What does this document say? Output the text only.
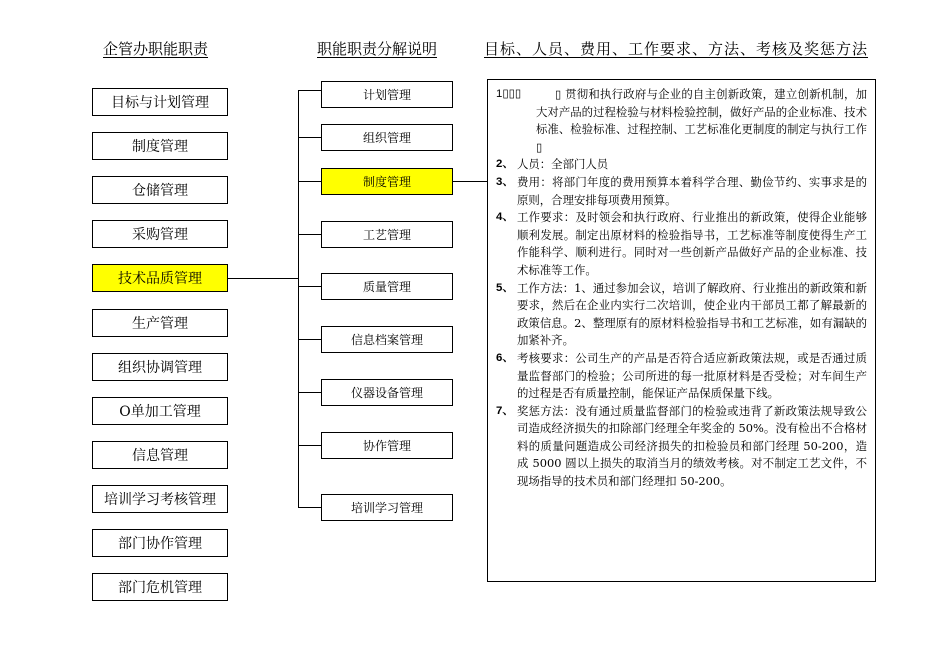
企管办职能职责	职能职责分解说明	目标、人员、费用、工作要求、方法、考核及奖惩方法
目标与计划管理
制度管理
仓储管理
采购管理
技术品质管理
生产管理
组织协调管理
O单加工管理
信息管理
培训学习考核管理
部门协作管理
部门危机管理
计划管理
组织管理
制度管理
工艺管理
质量管理
信息档案管理
仪器设备管理
协作管理
培训学习管理
1▯▯▯	▯ 贯彻和执行政府与企业的自主创新政策，建立创新机制，加大对产品的过程检验与材料检验控制，做好产品的企业标准、技术标准、检验标准、过程控制、工艺标准化更制度的制定与执行工作▯
2、 人员：全部门人员
3、 费用：将部门年度的费用预算本着科学合理、勤俭节约、实事求是的原则，合理安排每项费用预算。
4、 工作要求：及时领会和执行政府、行业推出的新政策，使得企业能够顺利发展。制定出原材料的检验指导书，工艺标准等制度使得生产工作能科学、顺利进行。同时对一些创新产品做好产品的企业标准、技术标准等工作。
5、 工作方法：1、通过参加会议，培训了解政府、行业推出的新政策和新要求，然后在企业内实行二次培训，使企业内干部员工都了解最新的政策信息。2、整理原有的原材料检验指导书和工艺标准，如有漏缺的加紧补齐。
6、 考核要求：公司生产的产品是否符合适应新政策法规，或是否通过质量监督部门的检验；公司所进的每一批原材料是否受检；对车间生产的过程是否有质量控制，能保证产品保质保量下线。
7、 奖惩方法：没有通过质量监督部门的检验或违背了新政策法规导致公司造成经济损失的扣除部门经理全年奖金的 50%。没有检出不合格材料的质量问题造成公司经济损失的扣检验员和部门经理 50-200，造成 5000 圆以上损失的取消当月的绩效考核。对不制定工艺文件，不现场指导的技术员和部门经理扣 50-200。
